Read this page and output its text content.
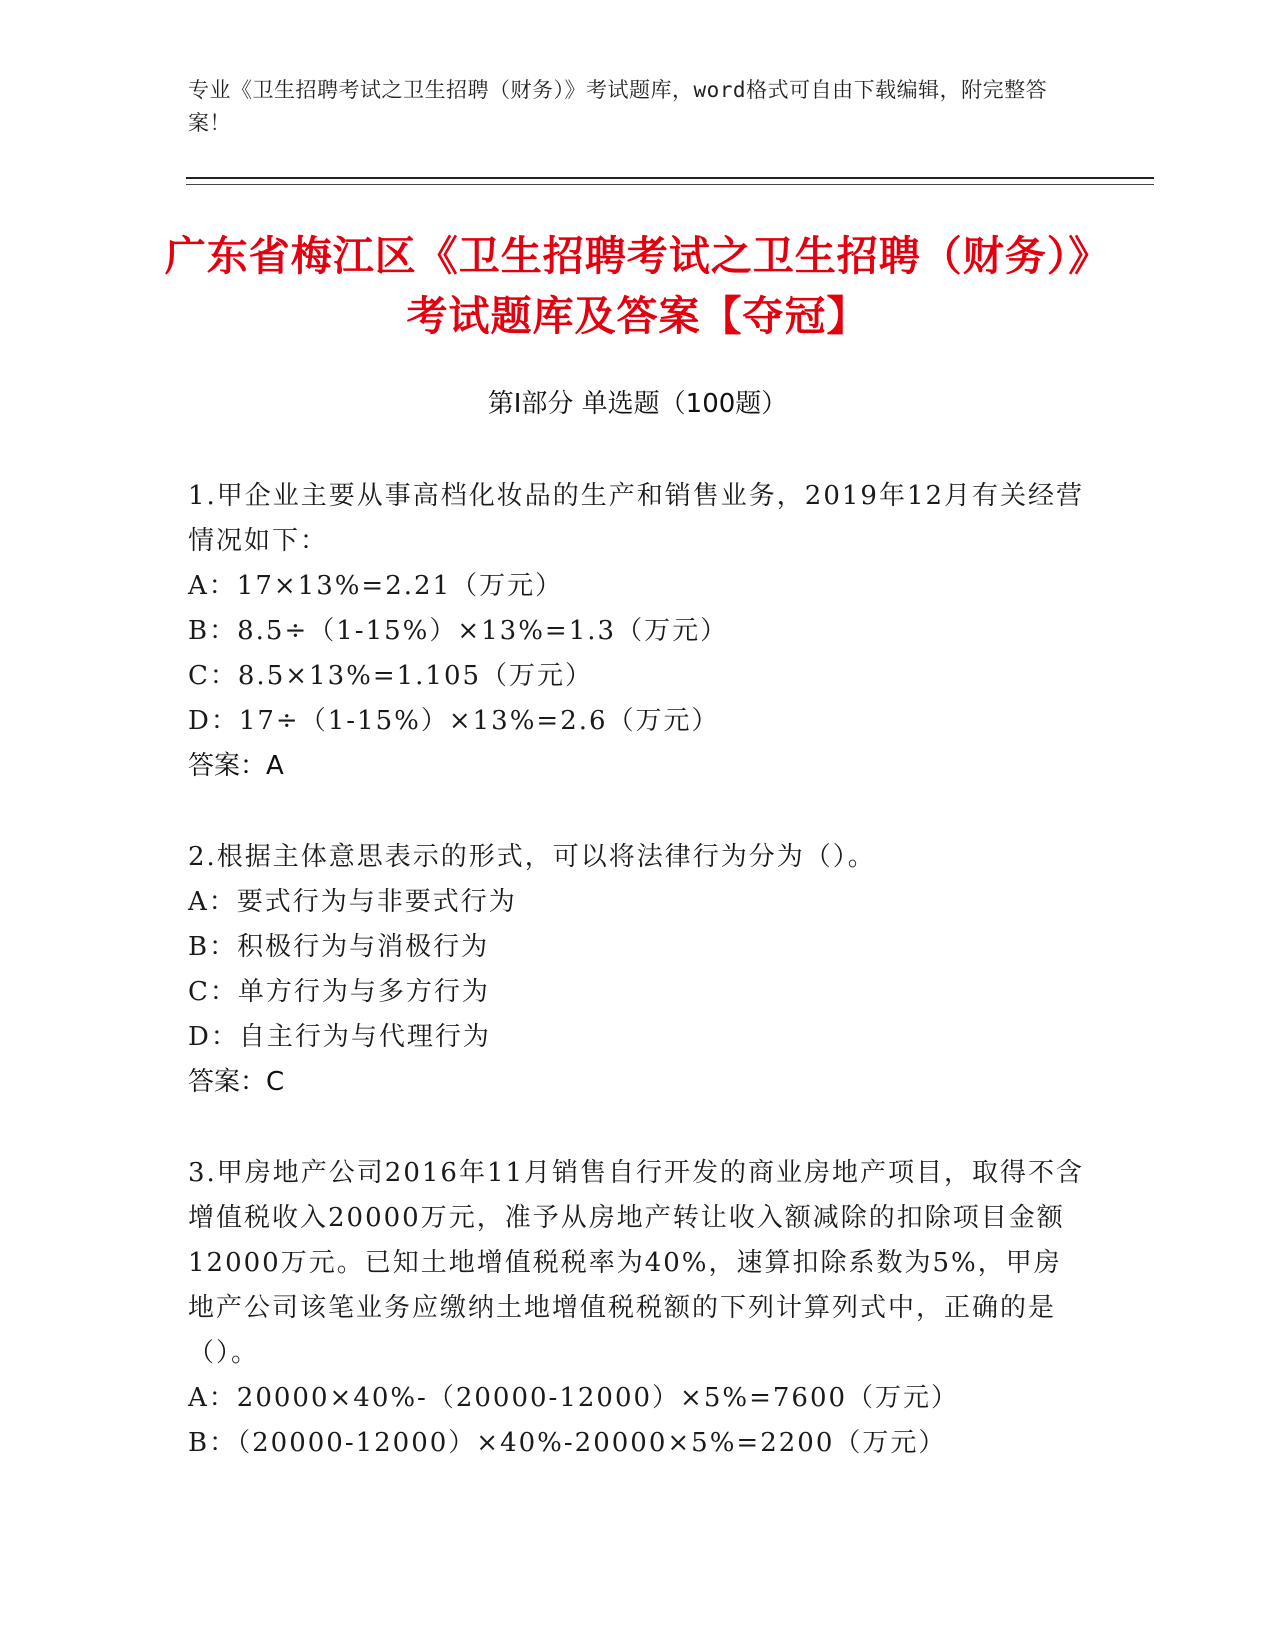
专业《卫生招聘考试之卫生招聘（财务）》考试题库，word格式可自由下载编辑，附完整答案！
广东省梅江区《卫生招聘考试之卫生招聘（财务）》考试题库及答案【夺冠】
第Ⅰ部分 单选题（100题）
1.甲企业主要从事高档化妆品的生产和销售业务，2019年12月有关经营情况如下：
A：17×13%=2.21（万元）
B：8.5÷（1-15%）×13%=1.3（万元）
C：8.5×13%=1.105（万元）
D：17÷（1-15%）×13%=2.6（万元）
答案：A
2.根据主体意思表示的形式，可以将法律行为分为（）。
A：要式行为与非要式行为
B：积极行为与消极行为
C：单方行为与多方行为
D：自主行为与代理行为
答案：C
3.甲房地产公司2016年11月销售自行开发的商业房地产项目，取得不含增值税收入20000万元，准予从房地产转让收入额减除的扣除项目金额12000万元。已知土地增值税税率为40%，速算扣除系数为5%，甲房地产公司该笔业务应缴纳土地增值税税额的下列计算列式中，正确的是（）。
A：20000×40%-（20000-12000）×5%=7600（万元）
B：（20000-12000）×40%-20000×5%=2200（万元）
